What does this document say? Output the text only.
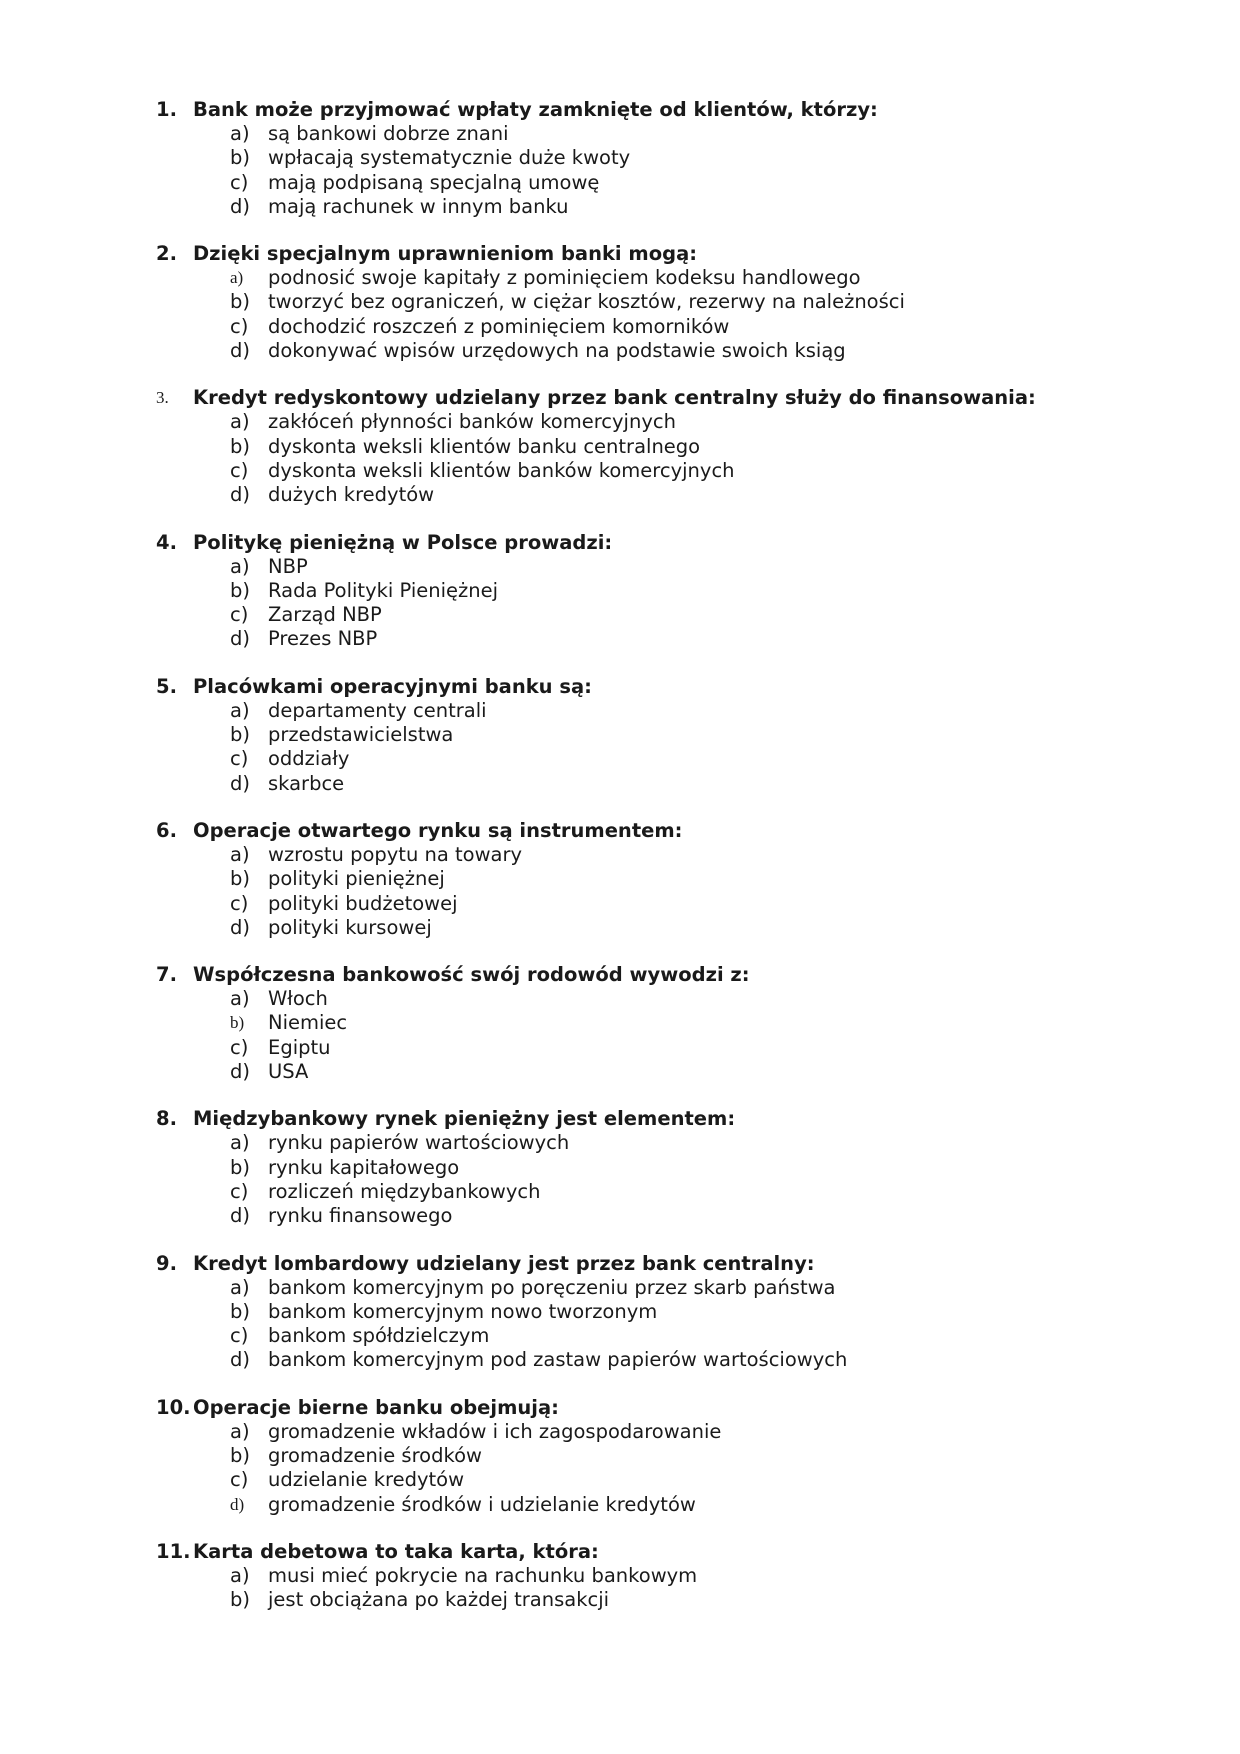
1. Bank może przyjmować wpłaty zamknięte od klientów, którzy:
a) są bankowi dobrze znani
b) wpłacają systematycznie duże kwoty
c) mają podpisaną specjalną umowę
d) mają rachunek w innym banku
2. Dzięki specjalnym uprawnieniom banki mogą:
a) podnosić swoje kapitały z pominięciem kodeksu handlowego
b) tworzyć bez ograniczeń, w ciężar kosztów, rezerwy na należności
c) dochodzić roszczeń z pominięciem komorników
d) dokonywać wpisów urzędowych na podstawie swoich ksiąg
3. Kredyt redyskontowy udzielany przez bank centralny służy do finansowania:
a) zakłóceń płynności banków komercyjnych
b) dyskonta weksli klientów banku centralnego
c) dyskonta weksli klientów banków komercyjnych
d) dużych kredytów
4. Politykę pieniężną w Polsce prowadzi:
a) NBP
b) Rada Polityki Pieniężnej
c) Zarząd NBP
d) Prezes NBP
5. Placówkami operacyjnymi banku są:
a) departamenty centrali
b) przedstawicielstwa
c) oddziały
d) skarbce
6. Operacje otwartego rynku są instrumentem:
a) wzrostu popytu na towary
b) polityki pieniężnej
c) polityki budżetowej
d) polityki kursowej
7. Współczesna bankowość swój rodowód wywodzi z:
a) Włoch
b) Niemiec
c) Egiptu
d) USA
8. Międzybankowy rynek pieniężny jest elementem:
a) rynku papierów wartościowych
b) rynku kapitałowego
c) rozliczeń międzybankowych
d) rynku finansowego
9. Kredyt lombardowy udzielany jest przez bank centralny:
a) bankom komercyjnym po poręczeniu przez skarb państwa
b) bankom komercyjnym nowo tworzonym
c) bankom spółdzielczym
d) bankom komercyjnym pod zastaw papierów wartościowych
10. Operacje bierne banku obejmują:
a) gromadzenie wkładów i ich zagospodarowanie
b) gromadzenie środków
c) udzielanie kredytów
d) gromadzenie środków i udzielanie kredytów
11. Karta debetowa to taka karta, która:
a) musi mieć pokrycie na rachunku bankowym
b) jest obciążana po każdej transakcji
